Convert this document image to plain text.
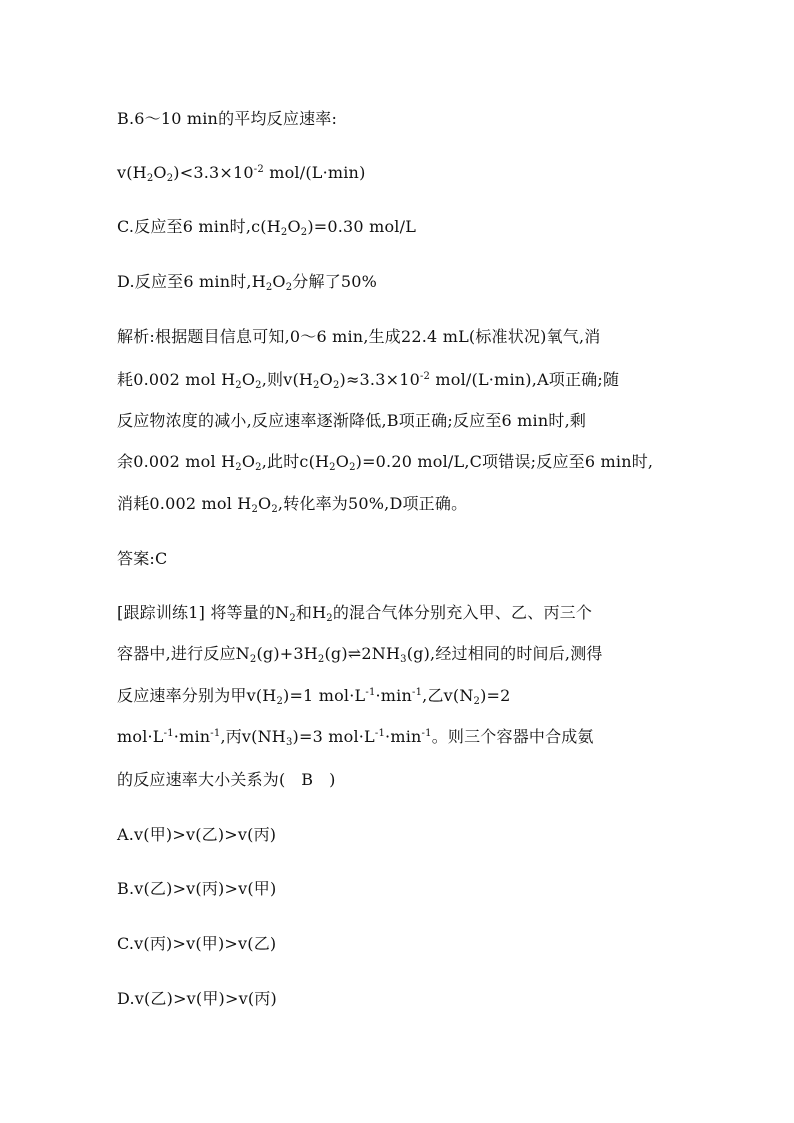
B.6～10 min的平均反应速率:
$v(H_2O_2)<3.3\times 10^{-2}$ mol/(L·min)
C.反应至6 min时$,c(H_2O_2)=0.30$ mol/L
D.反应至6 min时$,H_2O_2$分解了50%
解析:根据题目信息可知,0～6 min,生成22.4 mL(标准状况)氧气,消
耗0.002 mol $H_2O_2$,则$v(H_2O_2)\approx 3.3\times 10^{-2}$ mol/(L·min),A项正确;随
反应物浓度的减小,反应速率逐渐降低,B项正确;反应至6 min时,剩
余0.002 mol $H_2O_2$,此时$c(H_2O_2)=0.20$ mol/L,C项错误;反应至6 min时,
消耗0.002 mol $H_2O_2$,转化率为50%,D项正确。
答案:C
[跟踪训练1] 将等量的$N_2$和$H_2$的混合气体分别充入甲、乙、丙三个
容器中,进行反应$N_2(g)+3H_2(g)\rightleftharpoons 2NH_3(g)$,经过相同的时间后,测得
反应速率分别为甲$v(H_2)=1$ $mol\cdot L^{-1}\cdot\min^{-1}$,乙$v(N_2)=2$
$mol\cdot L^{-1}\cdot\min^{-1}$,丙$v(NH_3)=3$ $mol\cdot L^{-1}\cdot\min^{-1}$。则三个容器中合成氨
的反应速率大小关系为(   B   )
A.v(甲)>v(乙)>v(丙)
B.v(乙)>v(丙)>v(甲)
C.v(丙)>v(甲)>v(乙)
D.v(乙)>v(甲)>v(丙)
